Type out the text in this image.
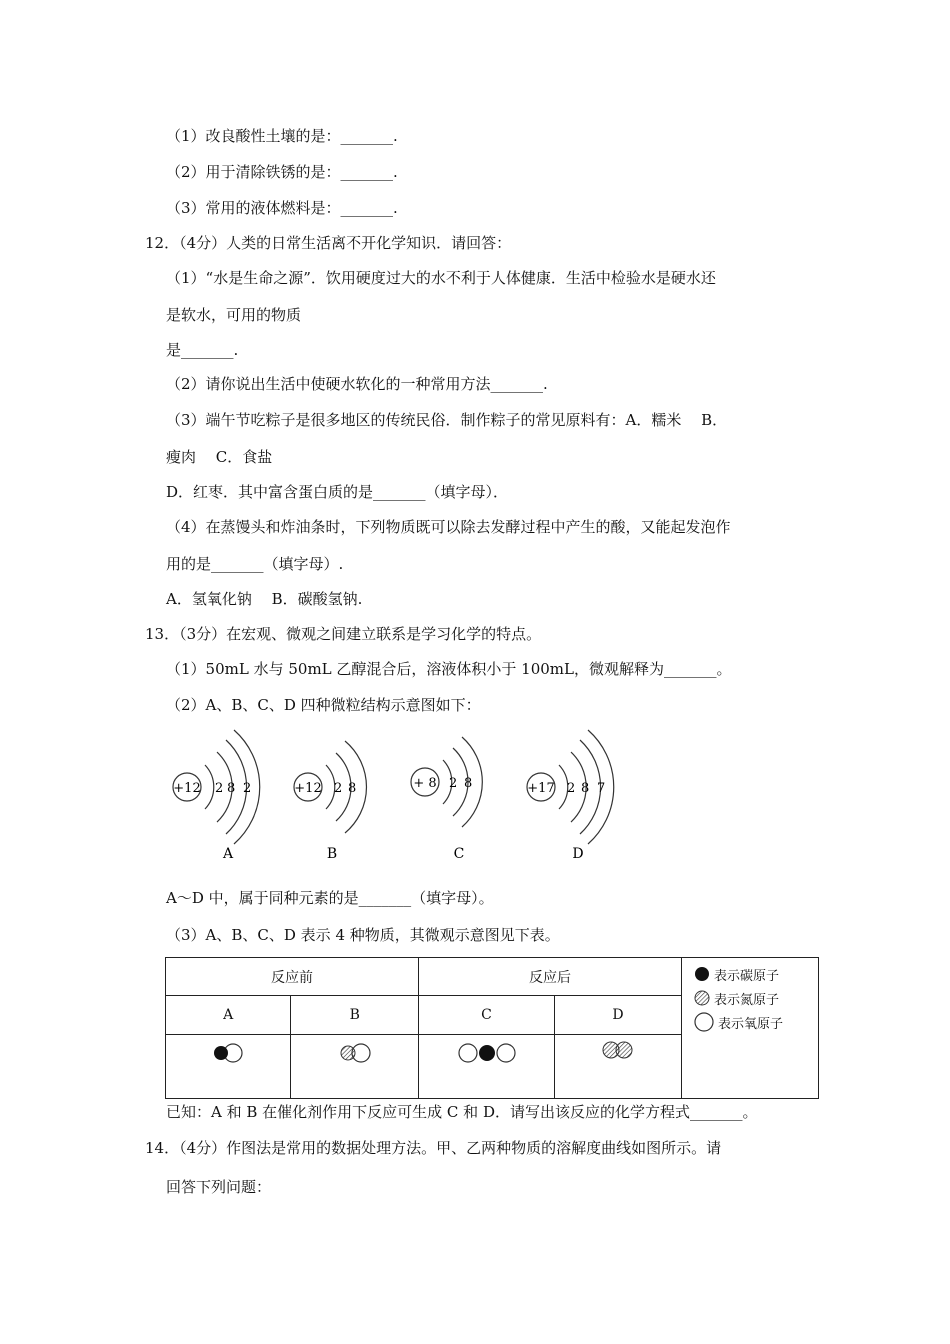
（1）改良酸性土壤的是：_______.
（2）用于清除铁锈的是：_______.
（3）常用的液体燃料是：_______.
12．（4分）人类的日常生活离不开化学知识．请回答：
（1）“水是生命之源”．饮用硬度过大的水不利于人体健康．生活中检验水是硬水还
是软水，可用的物质
是_______.
（2）请你说出生活中使硬水软化的一种常用方法_______.
（3）端午节吃粽子是很多地区的传统民俗．制作粽子的常见原料有：A．糯米　 B．
瘦肉　 C．食盐
D．红枣．其中富含蛋白质的是_______（填字母）．
（4）在蒸馒头和炸油条时，下列物质既可以除去发酵过程中产生的酸，又能起发泡作
用的是_______（填字母）.
A．氢氧化钠　 B．碳酸氢钠.
13．（3分）在宏观、微观之间建立联系是学习化学的特点。
（1）50mL 水与 50mL 乙醇混合后，溶液体积小于 100mL，微观解释为_______。
（2）A、B、C、D 四种微粒结构示意图如下：
+12 2 8 2
A
+12 2 8
B
+ 8 2 8
C
+17 2 8 7
D
A～D 中，属于同种元素的是_______（填字母）。
（3）A、B、C、D 表示 4 种物质，其微观示意图见下表。
反应前		反应后		表示碳原子
表示氮原子
表示氧原子

A	B	C	D	

已知：A 和 B 在催化剂作用下反应可生成 C 和 D．请写出该反应的化学方程式_______。
14．（4分）作图法是常用的数据处理方法。甲、乙两种物质的溶解度曲线如图所示。请
回答下列问题：
